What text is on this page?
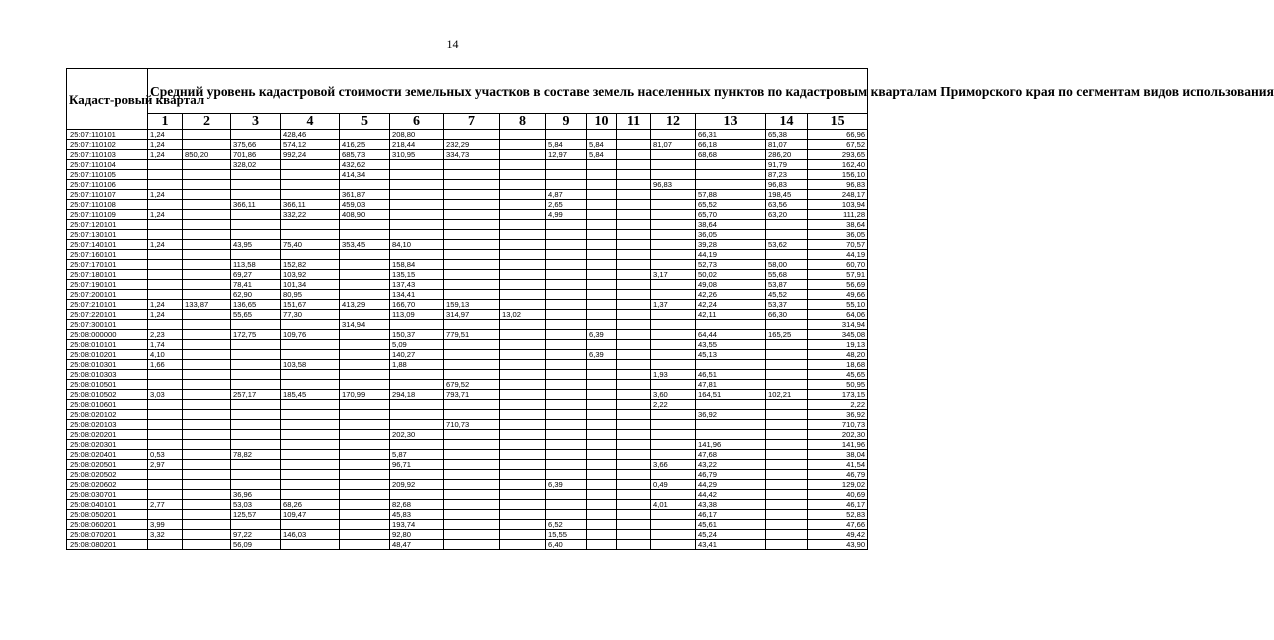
14
Кадаст-ровый квартал	Средний уровень кадастровой стоимости земельных участков в составе земель населенных пунктов по кадастровым кварталам Приморского края по сегментам видов использования														
	1	2	3	4	5	6	7	8	9	10	11	12	13	14	15
25:07:110101	1,24			428,46		208,80							66,31	65,38	66,96
25:07:110102	1,24		375,66	574,12	416,25	218,44	232,29		5,84	5,84		81,07	66,18	81,07	67,52
25:07:110103	1,24	850,20	701,86	992,24	685,73	310,95	334,73		12,97	5,84			68,68	286,20	293,65
25:07:110104			328,02		432,62									91,79	162,40
25:07:110105					414,34									87,23	156,10
25:07:110106												96,83		96,83	96,83
25:07:110107	1,24				361,87				4,87				57,88	198,45	248,17
25:07:110108			366,11	366,11	459,03				2,65				65,52	63,56	103,94
25:07:110109	1,24			332,22	408,90				4,99				65,70	63,20	111,28
25:07:120101													38,64		38,64
25:07:130101													36,05		36,05
25:07:140101	1,24		43,95	75,40	353,45	84,10							39,28	53,62	70,57
25:07:160101													44,19		44,19
25:07:170101			113,58	152,82		158,84							52,73	58,00	60,70
25:07:180101			69,27	103,92		135,15						3,17	50,02	55,68	57,91
25:07:190101			78,41	101,34		137,43							49,08	53,87	56,69
25:07:200101			62,90	80,95		134,41							42,26	45,52	49,66
25:07:210101	1,24	133,87	136,65	151,67	413,29	166,70	159,13					1,37	42,24	53,37	55,10
25:07:220101	1,24		55,65	77,30		113,09	314,97	13,02					42,11	66,30	64,06
25:07:300101					314,94										314,94
25:08:000000	2,23		172,75	109,76		150,37	779,51			6,39			64,44	165,25	345,08
25:08:010101	1,74					5,09							43,55		19,13
25:08:010201	4,10					140,27				6,39			45,13		48,20
25:08:010301	1,66			103,58		1,88									18,68
25:08:010303												1,93	46,51		45,65
25:08:010501							679,52						47,81		50,95
25:08:010502	3,03		257,17	185,45	170,99	294,18	793,71					3,60	164,51	102,21	173,15
25:08:010601												2,22			2,22
25:08:020102													36,92		36,92
25:08:020103							710,73								710,73
25:08:020201						202,30									202,30
25:08:020301													141,96		141,96
25:08:020401	0,53		78,82			5,87							47,68		38,04
25:08:020501	2,97					96,71						3,66	43,22		41,54
25:08:020502													46,79		46,79
25:08:020602						209,92			6,39			0,49	44,29		129,02
25:08:030701			36,96										44,42		40,69
25:08:040101	2,77		53,03	68,26		82,68						4,01	43,38		46,17
25:08:050201			125,57	109,47		45,83							46,17		52,83
25:08:060201	3,99					193,74			6,52				45,61		47,66
25:08:070201	3,32		97,22	146,03		92,80			15,55				45,24		49,42
25:08:080201			56,09			48,47			6,40				43,41		43,90
